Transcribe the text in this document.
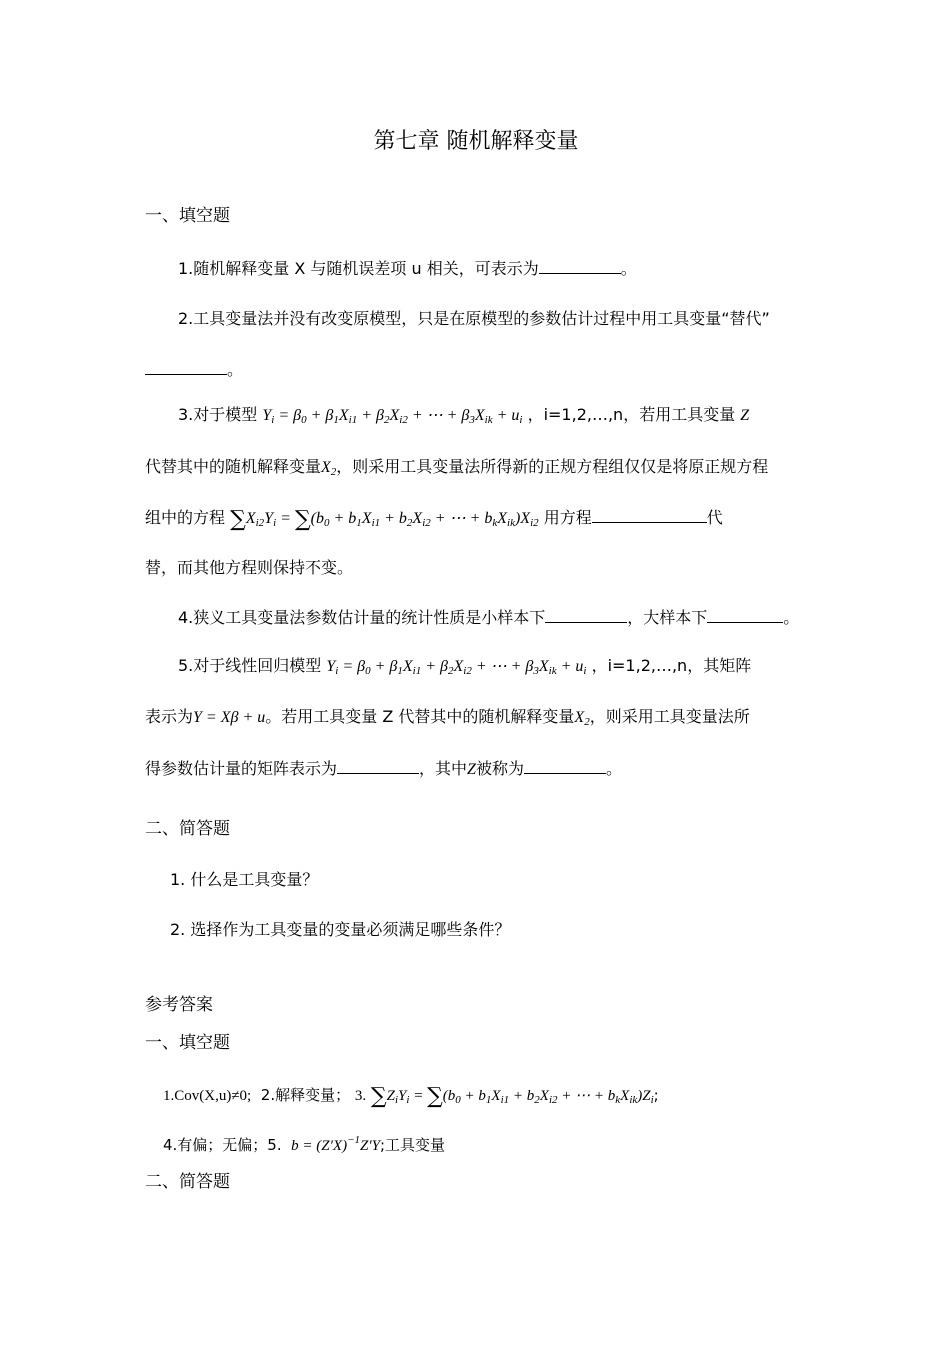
第七章 随机解释变量
一、填空题
1.随机解释变量 X 与随机误差项 u 相关，可表示为	。
2.工具变量法并没有改变原模型，只是在原模型的参数估计过程中用工具变量“替代”
。
3.对于模型 $Y_i = \beta_0 + \beta_1X_{i1} + \beta_2X_{i2}$ + ⋯ + $\beta_3X_{ik} + u_i$ ，i=1,2,…,n，若用工具变量 Z
代替其中的随机解释变量$X_2$，则采用工具变量法所得新的正规方程组仅仅是将原正规方程
组中的方程 $\sum X_{i2}Y_i = \sum(b_0 + b_1X_{i1} + b_2X_{i2}$ + ⋯ + $b_kX_{ik})X_{i2}$ 用方程	代
替，而其他方程则保持不变。
4.狭义工具变量法参数估计量的统计性质是小样本下	，大样本下	。
5.对于线性回归模型 $Y_i = \beta_0 + \beta_1X_{i1} + \beta_2X_{i2}$ + ⋯ + $\beta_3X_{ik} + u_i$ ，i=1,2,…,n，其矩阵
表示为Y = Xβ + u。若用工具变量 Z 代替其中的随机解释变量$X_2$，则采用工具变量法所
得参数估计量的矩阵表示为	，其中Z被称为	。
二、简答题
1. 什么是工具变量？
2. 选择作为工具变量的变量必须满足哪些条件？
参考答案
一、填空题
1.Cov(X,u)≠0; 2.解释变量； 3. $\sum Z_iY_i = \sum(b_0 + b_1X_{i1} + b_2X_{i2}$ + ⋯ + $b_kX_{ik})Z_i$;
4.有偏；无偏；5. $b = (Z'X)^{-1}Z'Y$;工具变量
二、简答题
